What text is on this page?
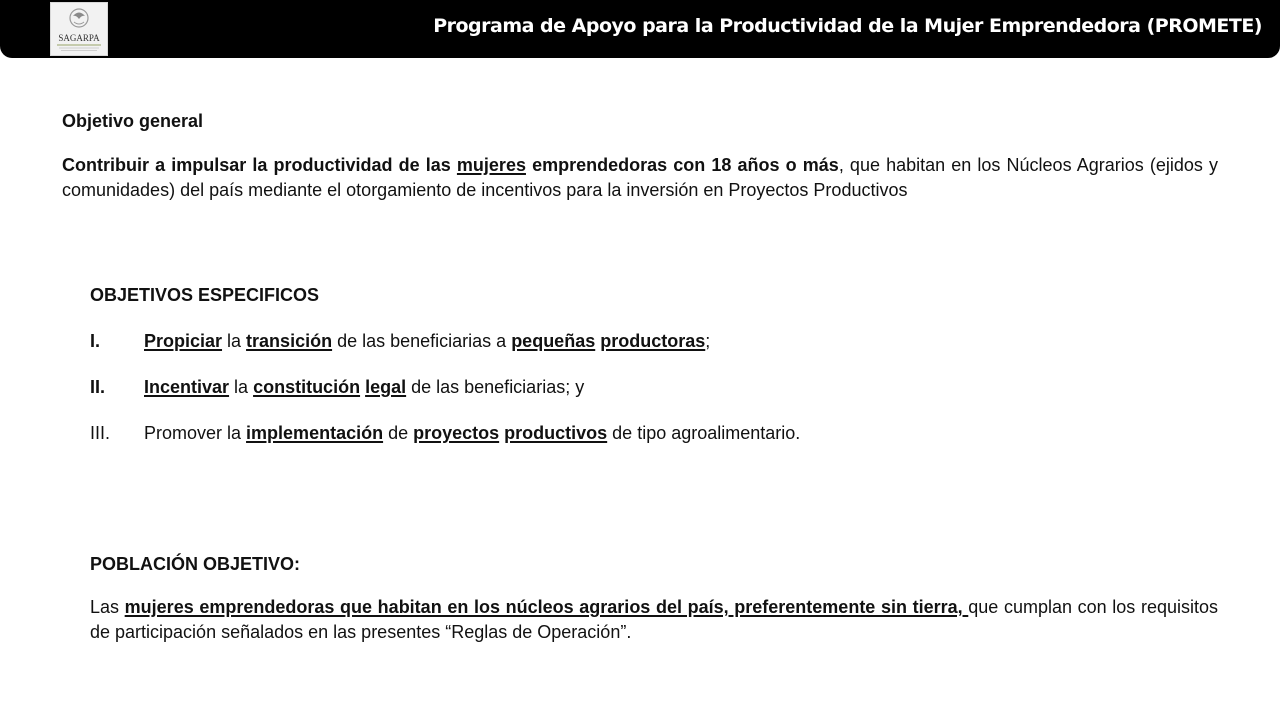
SAGARPA
Programa de Apoyo para la Productividad de la Mujer Emprendedora (PROMETE)
Objetivo general

Contribuir a impulsar la productividad de las mujeres emprendedoras con 18 años o más, que habitan en los Núcleos Agrarios (ejidos y comunidades) del país mediante el otorgamiento de incentivos para la inversión en Proyectos Productivos

OBJETIVOS ESPECIFICOS
I. Propiciar la transición de las beneficiarias a pequeñas productoras;
II. Incentivar la constitución legal de las beneficiarias; y
III. Promover la implementación de proyectos productivos de tipo agroalimentario.
POBLACIÓN OBJETIVO:

Las mujeres emprendedoras que habitan en los núcleos agrarios del país, preferentemente sin tierra, que cumplan con los requisitos de participación señalados en las presentes “Reglas de Operación”.
